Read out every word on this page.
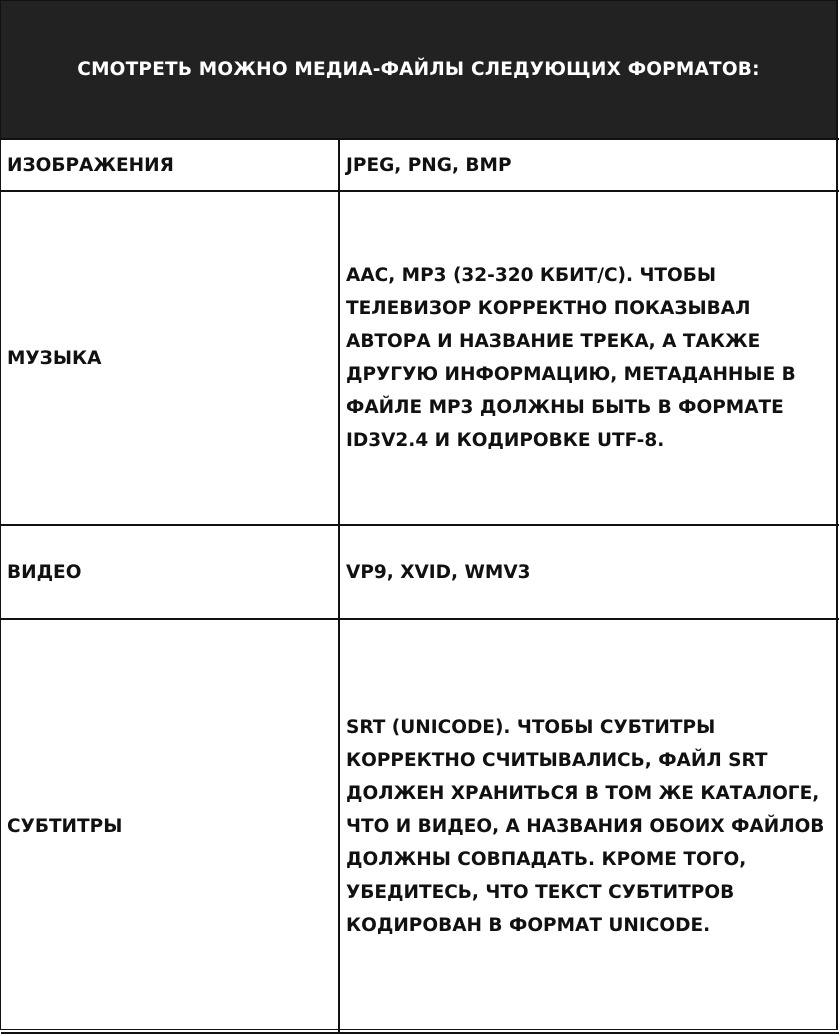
СМОТРЕТЬ МОЖНО МЕДИА-ФАЙЛЫ СЛЕДУЮЩИХ ФОРМАТОВ:
ИЗОБРАЖЕНИЯ	JPEG, PNG, BMP
МУЗЫКА	AAC, MP3 (32-320 КБИТ/С). ЧТОБЫ ТЕЛЕВИЗОР КОРРЕКТНО ПОКАЗЫВАЛ АВТОРА И НАЗВАНИЕ ТРЕКА, А ТАКЖЕ ДРУГУЮ ИНФОРМАЦИЮ, МЕТАДАННЫЕ В ФАЙЛЕ MP3 ДОЛЖНЫ БЫТЬ В ФОРМАТЕ ID3V2.4 И КОДИРОВКЕ UTF-8.
ВИДЕО	VP9, XVID, WMV3
СУБТИТРЫ	SRT (UNICODE). ЧТОБЫ СУБТИТРЫ КОРРЕКТНО СЧИТЫВАЛИСЬ, ФАЙЛ SRT ДОЛЖЕН ХРАНИТЬСЯ В ТОМ ЖЕ КАТАЛОГЕ, ЧТО И ВИДЕО, А НАЗВАНИЯ ОБОИХ ФАЙЛОВ ДОЛЖНЫ СОВПАДАТЬ. КРОМЕ ТОГО, УБЕДИТЕСЬ, ЧТО ТЕКСТ СУБТИТРОВ КОДИРОВАН В ФОРМАТ UNICODE.
